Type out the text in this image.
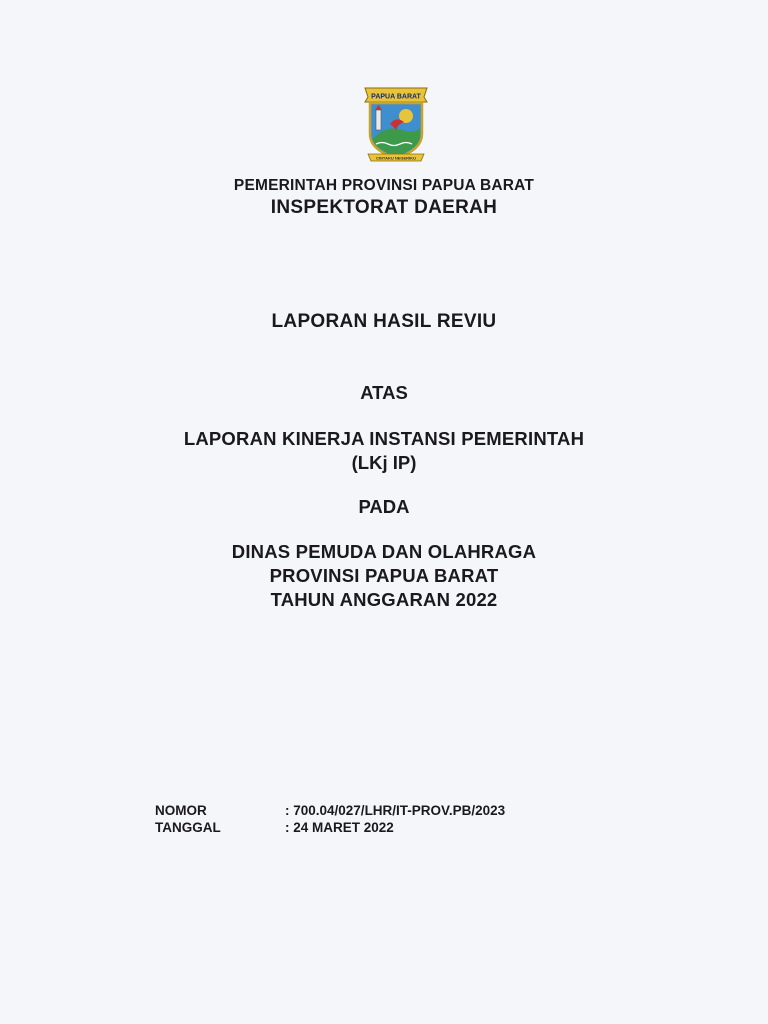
PAPUA BARAT
CINTAKU NEGERIKU
PEMERINTAH PROVINSI PAPUA BARAT
INSPEKTORAT DAERAH
LAPORAN HASIL REVIU
ATAS
LAPORAN KINERJA INSTANSI PEMERINTAH
(LKj IP)
PADA
DINAS PEMUDA DAN OLAHRAGA
PROVINSI PAPUA BARAT
TAHUN ANGGARAN 2022
NOMOR	: 700.04/027/LHR/IT-PROV.PB/2023
TANGGAL	: 24 MARET 2022
